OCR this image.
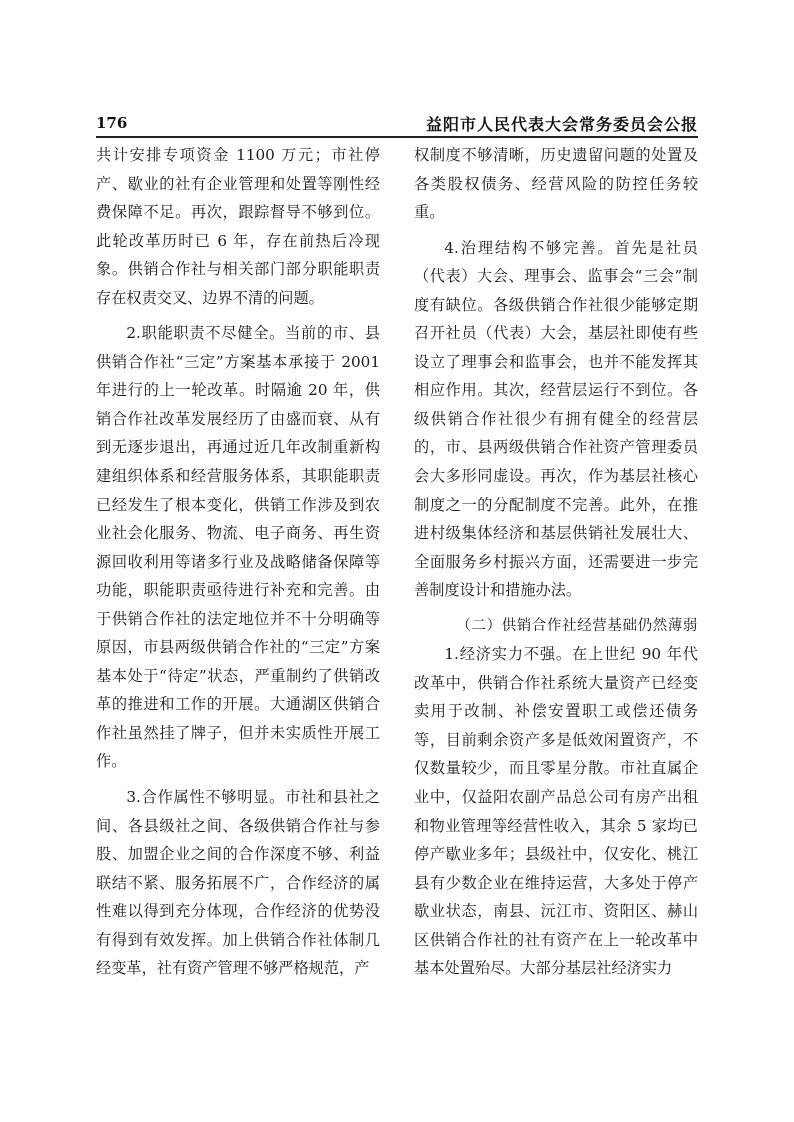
176	益阳市人民代表大会常务委员会公报

共计安排专项资金 1100 万元；市社停产、歇业的社有企业管理和处置等刚性经费保障不足。再次，跟踪督导不够到位。此轮改革历时已 6 年，存在前热后冷现象。供销合作社与相关部门部分职能职责存在权责交叉、边界不清的问题。

2.职能职责不尽健全。当前的市、县供销合作社“三定”方案基本承接于 2001 年进行的上一轮改革。时隔逾 20 年，供销合作社改革发展经历了由盛而衰、从有到无逐步退出，再通过近几年改制重新构建组织体系和经营服务体系，其职能职责已经发生了根本变化，供销工作涉及到农业社会化服务、物流、电子商务、再生资源回收利用等诸多行业及战略储备保障等功能，职能职责亟待进行补充和完善。由于供销合作社的法定地位并不十分明确等原因，市县两级供销合作社的“三定”方案基本处于“待定”状态，严重制约了供销改革的推进和工作的开展。大通湖区供销合作社虽然挂了牌子，但并未实质性开展工作。

3.合作属性不够明显。市社和县社之间、各县级社之间、各级供销合作社与参股、加盟企业之间的合作深度不够、利益联结不紧、服务拓展不广，合作经济的属性难以得到充分体现，合作经济的优势没有得到有效发挥。加上供销合作社体制几经变革，社有资产管理不够严格规范，产

权制度不够清晰，历史遗留问题的处置及各类股权债务、经营风险的防控任务较重。

4.治理结构不够完善。首先是社员（代表）大会、理事会、监事会“三会”制度有缺位。各级供销合作社很少能够定期召开社员（代表）大会，基层社即使有些设立了理事会和监事会，也并不能发挥其相应作用。其次，经营层运行不到位。各级供销合作社很少有拥有健全的经营层的，市、县两级供销合作社资产管理委员会大多形同虚设。再次，作为基层社核心制度之一的分配制度不完善。此外，在推进村级集体经济和基层供销社发展壮大、全面服务乡村振兴方面，还需要进一步完善制度设计和措施办法。

（二）供销合作社经营基础仍然薄弱

1.经济实力不强。在上世纪 90 年代改革中，供销合作社系统大量资产已经变卖用于改制、补偿安置职工或偿还债务等，目前剩余资产多是低效闲置资产，不仅数量较少，而且零星分散。市社直属企业中，仅益阳农副产品总公司有房产出租和物业管理等经营性收入，其余 5 家均已停产歇业多年；县级社中，仅安化、桃江县有少数企业在维持运营，大多处于停产歇业状态，南县、沅江市、资阳区、赫山区供销合作社的社有资产在上一轮改革中基本处置殆尽。大部分基层社经济实力
